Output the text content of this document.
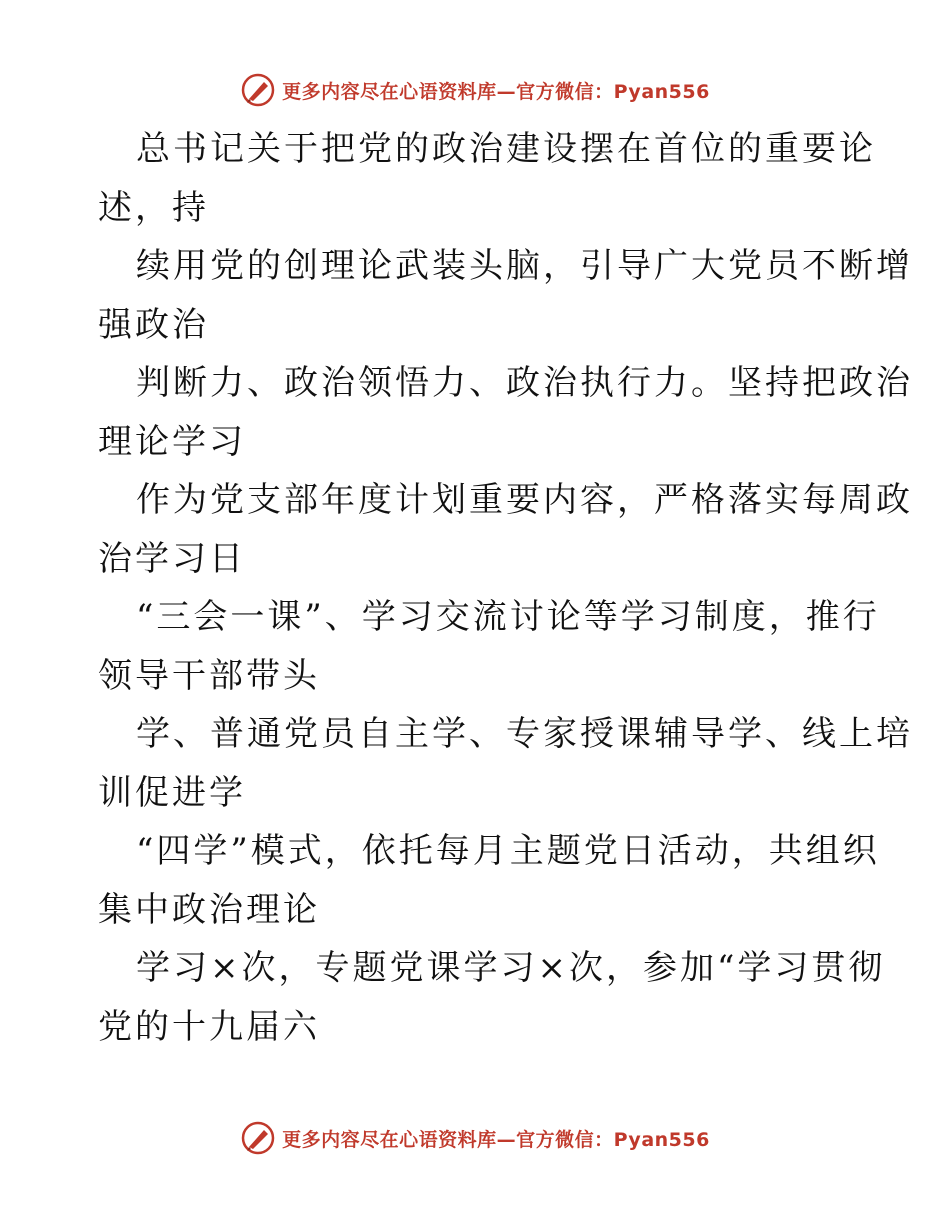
更多内容尽在心语资料库—官方微信：Pyan556
总书记关于把党的政治建设摆在首位的重要论
述，持
续用党的创理论武装头脑，引导广大党员不断增
强政治
判断力、政治领悟力、政治执行力。坚持把政治
理论学习
作为党支部年度计划重要内容，严格落实每周政
治学习日
“三会一课”、学习交流讨论等学习制度，推行
领导干部带头
学、普通党员自主学、专家授课辅导学、线上培
训促进学
“四学”模式，依托每月主题党日活动，共组织
集中政治理论
学习×次，专题党课学习×次，参加“学习贯彻
党的十九届六
更多内容尽在心语资料库—官方微信：Pyan556
